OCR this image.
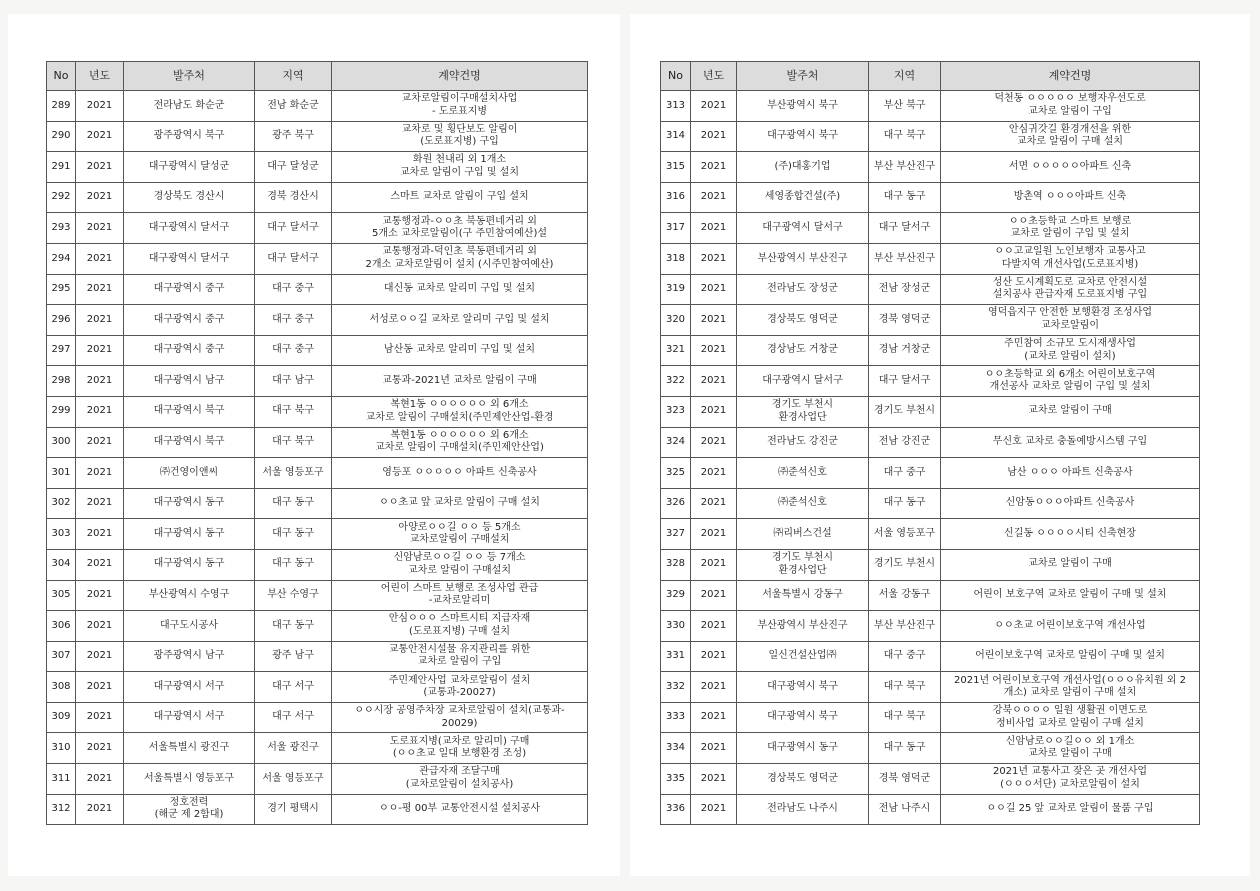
No	년도	발주처	지역	계약건명
289	2021	전라남도 화순군	전남 화순군	교차로알림이구매설치사업
- 도로표지병

290	2021	광주광역시 북구	광주 북구	교차로 및 횡단보도 알림이
(도로표지병) 구입

291	2021	대구광역시 달성군	대구 달성군	화원 천내리 외 1개소
교차로 알림이 구입 및 설치

292	2021	경상북도 경산시	경북 경산시	스마트 교차로 알림이 구입 설치

293	2021	대구광역시 달서구	대구 달서구	교통행정과-ㅇㅇ초 북동편네거리 외
5개소 교차로알림이(구 주민참여예산)설

294	2021	대구광역시 달서구	대구 달서구	교통행정과-덕인초 북동편네거리 외
2개소 교차로알림이 설치 (시주민참여예산)

295	2021	대구광역시 중구	대구 중구	대신동 교차로 알리미 구입 및 설치

296	2021	대구광역시 중구	대구 중구	서성로ㅇㅇ길 교차로 알리미 구입 및 설치

297	2021	대구광역시 중구	대구 중구	남산동 교차로 알리미 구입 및 설치

298	2021	대구광역시 남구	대구 남구	교통과-2021년 교차로 알림이 구매

299	2021	대구광역시 북구	대구 북구	복현1동 ㅇㅇㅇㅇㅇㅇ 외 6개소
교차로 알림이 구매설치(주민제안산업-환경

300	2021	대구광역시 북구	대구 북구	복현1동 ㅇㅇㅇㅇㅇㅇ 외 6개소
교차로 알림이 구매설치(주민제안산업)

301	2021	㈜건영이앤씨	서울 영등포구	영등포 ㅇㅇㅇㅇㅇ 아파트 신축공사

302	2021	대구광역시 동구	대구 동구	ㅇㅇ초교 앞 교차로 알림이 구매 설치

303	2021	대구광역시 동구	대구 동구	아양로ㅇㅇ길 ㅇㅇ 등 5개소
교차로알림이 구매설치

304	2021	대구광역시 동구	대구 동구	신암남로ㅇㅇ길 ㅇㅇ 등 7개소
교차로 알림이 구매설치

305	2021	부산광역시 수영구	부산 수영구	어린이 스마트 보행로 조성사업 관급
-교차로알리미

306	2021	대구도시공사	대구 동구	안심ㅇㅇㅇ 스마트시티 지급자재
(도로표지병) 구매 설치

307	2021	광주광역시 남구	광주 남구	교통안전시설물 유지관리를 위한
교차로 알림이 구입

308	2021	대구광역시 서구	대구 서구	주민제안사업 교차로알림이 설치
(교통과-20027)

309	2021	대구광역시 서구	대구 서구	ㅇㅇ시장 공영주차장 교차로알림이 설치(교통과-
20029)

310	2021	서울특별시 광진구	서울 광진구	도로표지병(교차로 알리미) 구매
(ㅇㅇ초교 일대 보행환경 조성)

311	2021	서울특별시 영등포구	서울 영등포구	관급자재 조달구매
(교차로알림이 설치공사)

312	2021	정호전력
(해군 제 2함대)	경기 평택시	ㅇㅇ-평 00부 교통안전시설 설치공사
No	년도	발주처	지역	계약건명
313	2021	부산광역시 북구	부산 북구	덕천동 ㅇㅇㅇㅇㅇ 보행자우선도로
교차로 알림이 구입

314	2021	대구광역시 북구	대구 북구	안심귀갓길 환경개선을 위한
교차로 알림이 구매 설치

315	2021	(주)대홍기업	부산 부산진구	서면 ㅇㅇㅇㅇㅇ아파트 신축

316	2021	세영종합건설(주)	대구 동구	방촌역 ㅇㅇㅇ아파트 신축

317	2021	대구광역시 달서구	대구 달서구	ㅇㅇ초등학교 스마트 보행로
교차로 알림이 구입 및 설치

318	2021	부산광역시 부산진구	부산 부산진구	ㅇㅇ고교일원 노인보행자 교통사고
다발지역 개선사업(도로표지병)

319	2021	전라남도 장성군	전남 장성군	성산 도시계획도로 교차로 안전시설
설치공사 관급자재 도로표지병 구입

320	2021	경상북도 영덕군	경북 영덕군	영덕읍지구 안전한 보행환경 조성사업
교차로알림이

321	2021	경상남도 거창군	경남 거창군	주민참여 소규모 도시재생사업
(교차로 알림이 설치)

322	2021	대구광역시 달서구	대구 달서구	ㅇㅇ초등학교 외 6개소 어린이보호구역
개선공사 교차로 알림이 구입 및 설치

323	2021	경기도 부천시
환경사업단	경기도 부천시	교차로 알림이 구매

324	2021	전라남도 강진군	전남 강진군	무신호 교차로 충돌예방시스템 구입

325	2021	㈜준석신호	대구 중구	남산 ㅇㅇㅇ 아파트 신축공사

326	2021	㈜준석신호	대구 동구	신암동ㅇㅇㅇ아파트 신축공사

327	2021	㈜리버스건설	서울 영등포구	신길동 ㅇㅇㅇㅇ시티 신축현장

328	2021	경기도 부천시
환경사업단	경기도 부천시	교차로 알림이 구매

329	2021	서울특별시 강동구	서울 강동구	어린이 보호구역 교차로 알림이 구매 및 설치

330	2021	부산광역시 부산진구	부산 부산진구	ㅇㅇ초교 어린이보호구역 개선사업

331	2021	일신건설산업㈜	대구 중구	어린이보호구역 교차로 알림이 구매 및 설치

332	2021	대구광역시 북구	대구 북구	2021년 어린이보호구역 개선사업(ㅇㅇㅇ유치원 외 2
개소) 교차로 알림이 구매 설치

333	2021	대구광역시 북구	대구 북구	강북ㅇㅇㅇㅇ 일원 생활권 이면도로
정비사업 교차로 알림이 구매 설치

334	2021	대구광역시 동구	대구 동구	신암남로ㅇㅇ길ㅇㅇ 외 1개소
교차로 알림이 구매

335	2021	경상북도 영덕군	경북 영덕군	2021년 교통사고 잦은 곳 개선사업
(ㅇㅇㅇ서단) 교차로알림이 설치

336	2021	전라남도 나주시	전남 나주시	ㅇㅇ길 25 앞 교차로 알림이 물품 구입
